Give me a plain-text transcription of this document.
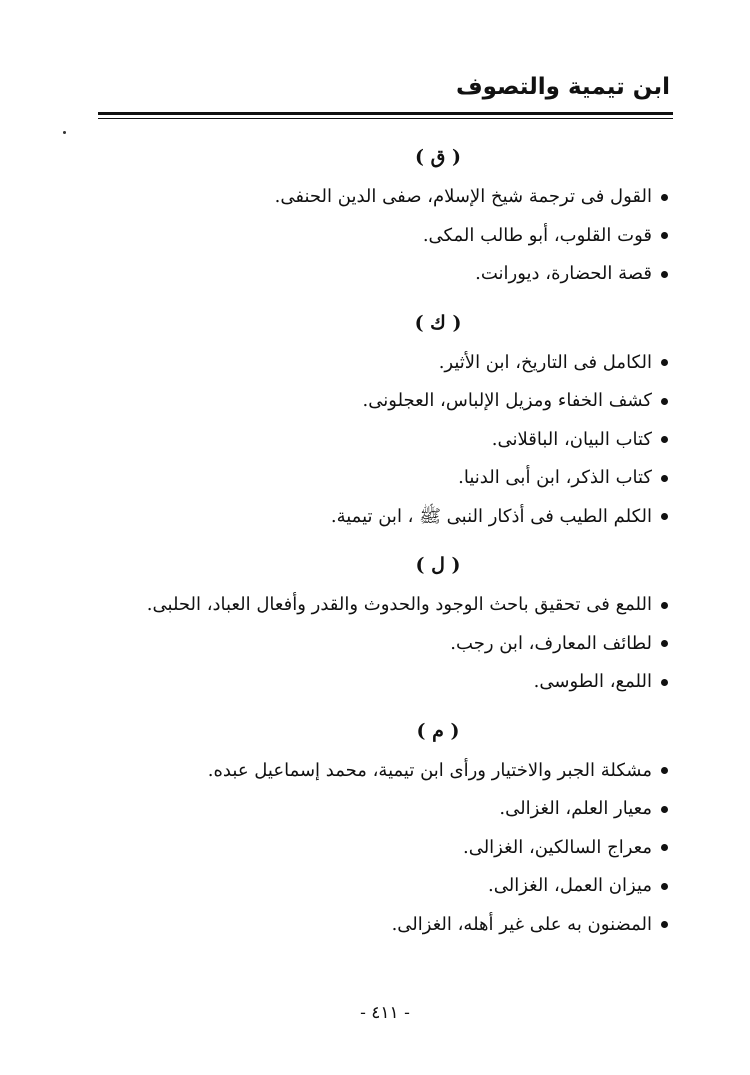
ابن تيمية والتصوف
( ق )
القول فى ترجمة شيخ الإسلام، صفى الدين الحنفى.
قوت القلوب، أبو طالب المكى.
قصة الحضارة، ديورانت.
( ك )
الكامل فى التاريخ، ابن الأثير.
كشف الخفاء ومزيل الإلباس، العجلونى.
كتاب البيان، الباقلانى.
كتاب الذكر، ابن أبى الدنيا.
الكلم الطيب فى أذكار النبى ﷺ ، ابن تيمية.
( ل )
اللمع فى تحقيق باحث الوجود والحدوث والقدر وأفعال العباد، الحلبى.
لطائف المعارف، ابن رجب.
اللمع، الطوسى.
( م )
مشكلة الجبر والاختيار ورأى ابن تيمية، محمد إسماعيل عبده.
معيار العلم، الغزالى.
معراج السالكين، الغزالى.
ميزان العمل، الغزالى.
المضنون به على غير أهله، الغزالى.
- ٤١١ -
